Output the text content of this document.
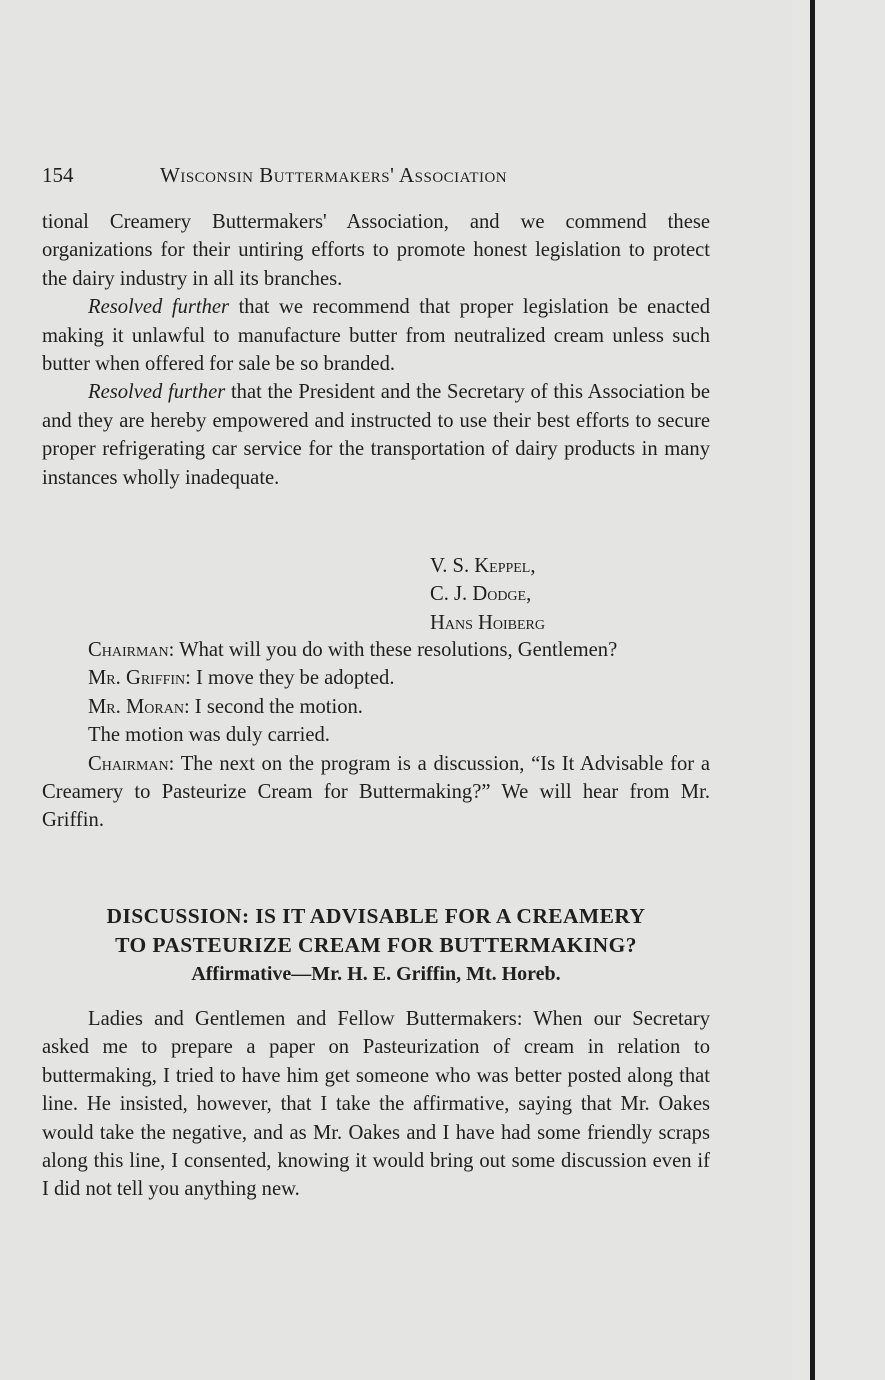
154	Wisconsin Buttermakers' Association

tional Creamery Buttermakers' Association, and we commend these organizations for their untiring efforts to promote honest legislation to protect the dairy industry in all its branches.

Resolved further that we recommend that proper legislation be enacted making it unlawful to manufacture butter from neutralized cream unless such butter when offered for sale be so branded.

Resolved further that the President and the Secretary of this Association be and they are hereby empowered and instructed to use their best efforts to secure proper refrigerating car service for the transportation of dairy products in many instances wholly inadequate.

V. S. Keppel,
C. J. Dodge,
Hans Hoiberg

Chairman: What will you do with these resolutions, Gentlemen?

Mr. Griffin: I move they be adopted.

Mr. Moran: I second the motion.

The motion was duly carried.

Chairman: The next on the program is a discussion, “Is It Advisable for a Creamery to Pasteurize Cream for Buttermaking?” We will hear from Mr. Griffin.

DISCUSSION: IS IT ADVISABLE FOR A CREAMERY
TO PASTEURIZE CREAM FOR BUTTERMAKING?
Affirmative—Mr. H. E. Griffin, Mt. Horeb.

Ladies and Gentlemen and Fellow Buttermakers: When our Secretary asked me to prepare a paper on Pasteurization of cream in relation to buttermaking, I tried to have him get someone who was better posted along that line. He insisted, however, that I take the affirmative, saying that Mr. Oakes would take the negative, and as Mr. Oakes and I have had some friendly scraps along this line, I consented, knowing it would bring out some discussion even if I did not tell you anything new.
